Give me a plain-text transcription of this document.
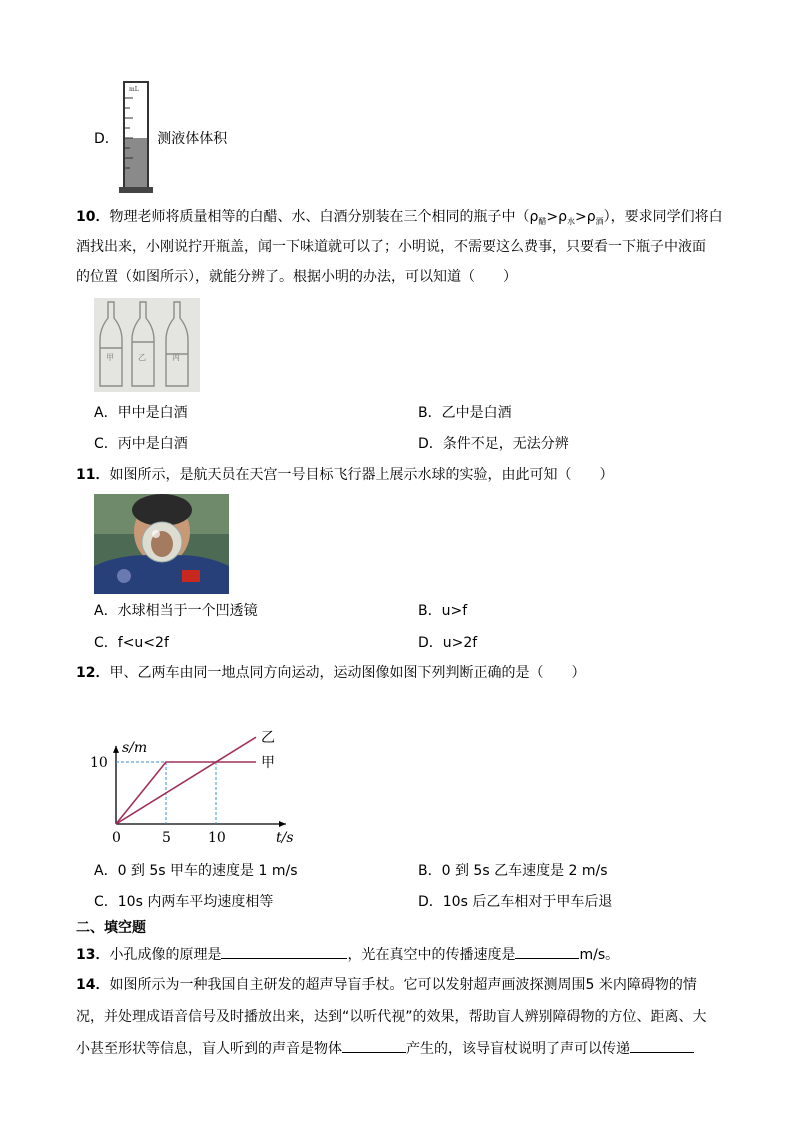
mL
D．	测液体体积
10．物理老师将质量相等的白醋、水、白酒分别装在三个相同的瓶子中$(\rho_醋>\rho_水>\rho_酒)$，要求同学们将白
酒找出来，小刚说拧开瓶盖，闻一下味道就可以了；小明说，不需要这么费事，只要看一下瓶子中液面
的位置（如图所示），就能分辨了。根据小明的办法，可以知道（　　）
甲	乙	丙
A．甲中是白酒	B．乙中是白酒
C．丙中是白酒	D．条件不足，无法分辨
11．如图所示，是航天员在天宫一号目标飞行器上展示水球的实验，由此可知（　　）
A．水球相当于一个凹透镜	B．u>f
C．f<u<2f	D．u>2f
12．甲、乙两车由同一地点同方向运动，运动图像如图下列判断正确的是（　　）
甲
乙
s/m
t/s
0	5	10
10
A．0 到 5s 甲车的速度是 1 m/s	B．0 到 5s 乙车速度是 2 m/s
C．10s 内两车平均速度相等	D．10s 后乙车相对于甲车后退
二、填空题
13．小孔成像的原理是	，光在真空中的传播速度是	m/s。
14．如图所示为一种我国自主研发的超声导盲手杖。它可以发射超声画波探测周围5 米内障碍物的情
况，并处理成语音信号及时播放出来，达到“以听代视”的效果，帮助盲人辨别障碍物的方位、距离、大
小甚至形状等信息，盲人听到的声音是物体	产生的，该导盲杖说明了声可以传递
